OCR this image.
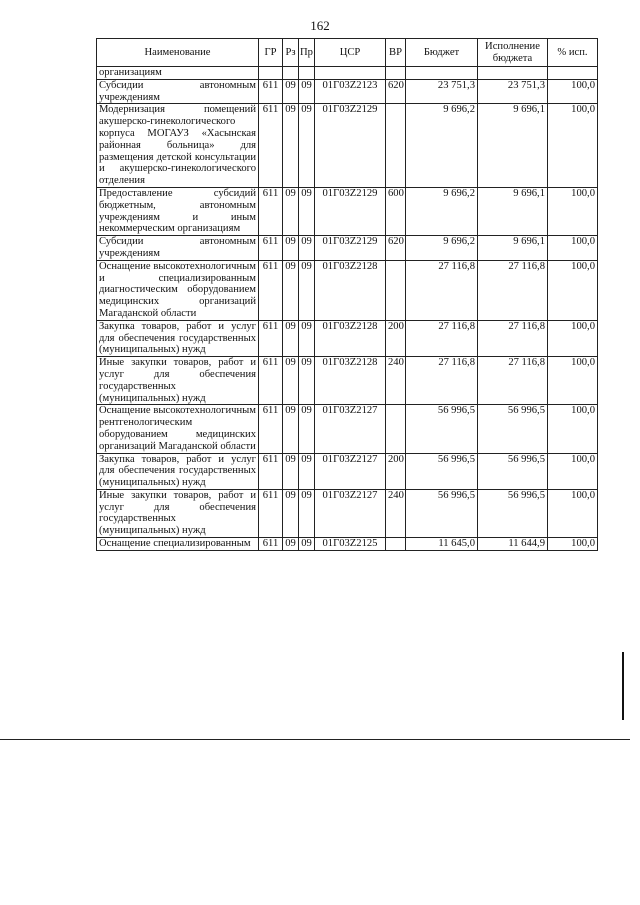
162
Наименование	ГР	Рз	Пр	ЦСР	ВР	Бюджет	Исполнение бюджета	% исп.
организациям								
Субсидии автономным учреждениям	611	09	09	01Г03Z2123	620	23 751,3	23 751,3	100,0
Модернизация помещений акушерско-гинекологического корпуса МОГАУЗ «Хасынская районная больница» для размещения детской консультации и акушерско-гинекологического отделения	611	09	09	01Г03Z2129		9 696,2	9 696,1	100,0
Предоставление субсидий бюджетным, автономным учреждениям и иным некоммерческим организациям	611	09	09	01Г03Z2129	600	9 696,2	9 696,1	100,0
Субсидии автономным учреждениям	611	09	09	01Г03Z2129	620	9 696,2	9 696,1	100,0
Оснащение высокотехнологичным и специализированным диагностическим оборудованием медицинских организаций Магаданской области	611	09	09	01Г03Z2128		27 116,8	27 116,8	100,0
Закупка товаров, работ и услуг для обеспечения государственных (муниципальных) нужд	611	09	09	01Г03Z2128	200	27 116,8	27 116,8	100,0
Иные закупки товаров, работ и услуг для обеспечения государственных (муниципальных) нужд	611	09	09	01Г03Z2128	240	27 116,8	27 116,8	100,0
Оснащение высокотехнологичным рентгенологическим оборудованием медицинских организаций Магаданской области	611	09	09	01Г03Z2127		56 996,5	56 996,5	100,0
Закупка товаров, работ и услуг для обеспечения государственных (муниципальных) нужд	611	09	09	01Г03Z2127	200	56 996,5	56 996,5	100,0
Иные закупки товаров, работ и услуг для обеспечения государственных (муниципальных) нужд	611	09	09	01Г03Z2127	240	56 996,5	56 996,5	100,0
Оснащение специализированным	611	09	09	01Г03Z2125		11 645,0	11 644,9	100,0
